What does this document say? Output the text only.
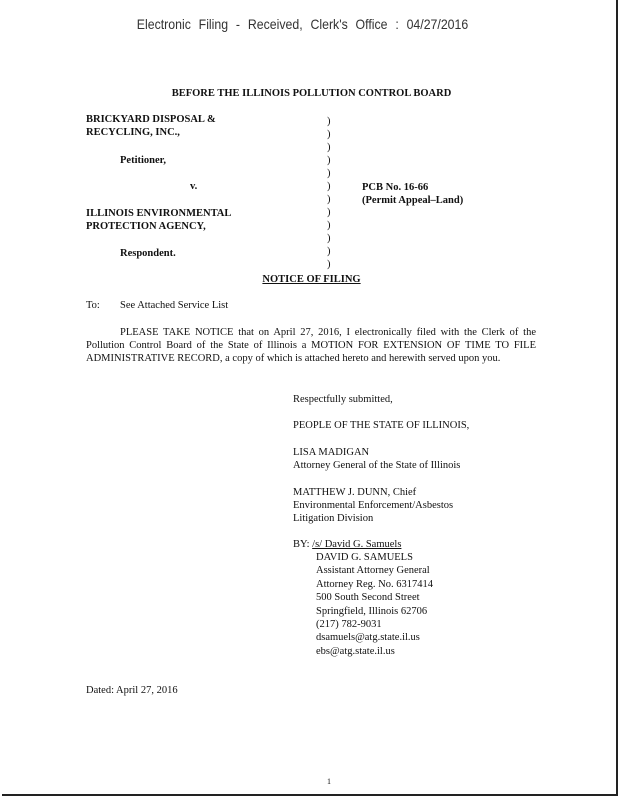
Electronic Filing - Received, Clerk's Office : 04/27/2016
BEFORE THE ILLINOIS POLLUTION CONTROL BOARD
BRICKYARD DISPOSAL &
RECYCLING, INC.,
Petitioner,
v.
ILLINOIS ENVIRONMENTAL
PROTECTION AGENCY,
Respondent.
)
)
)
)
)
)
)
)
)
)
)
)
PCB No. 16-66
(Permit Appeal–Land)
NOTICE OF FILING
To: See Attached Service List
PLEASE TAKE NOTICE that on April 27, 2016, I electronically filed with the Clerk of the Pollution Control Board of the State of Illinois a MOTION FOR EXTENSION OF TIME TO FILE ADMINISTRATIVE RECORD, a copy of which is attached hereto and herewith served upon you.
Respectfully submitted,
PEOPLE OF THE STATE OF ILLINOIS,
LISA MADIGAN
Attorney General of the State of Illinois
MATTHEW J. DUNN, Chief
Environmental Enforcement/Asbestos
Litigation Division
BY: /s/ David G. Samuels
DAVID G. SAMUELS
Assistant Attorney General
Attorney Reg. No. 6317414
500 South Second Street
Springfield, Illinois 62706
(217) 782-9031
dsamuels@atg.state.il.us
ebs@atg.state.il.us
Dated: April 27, 2016
1
